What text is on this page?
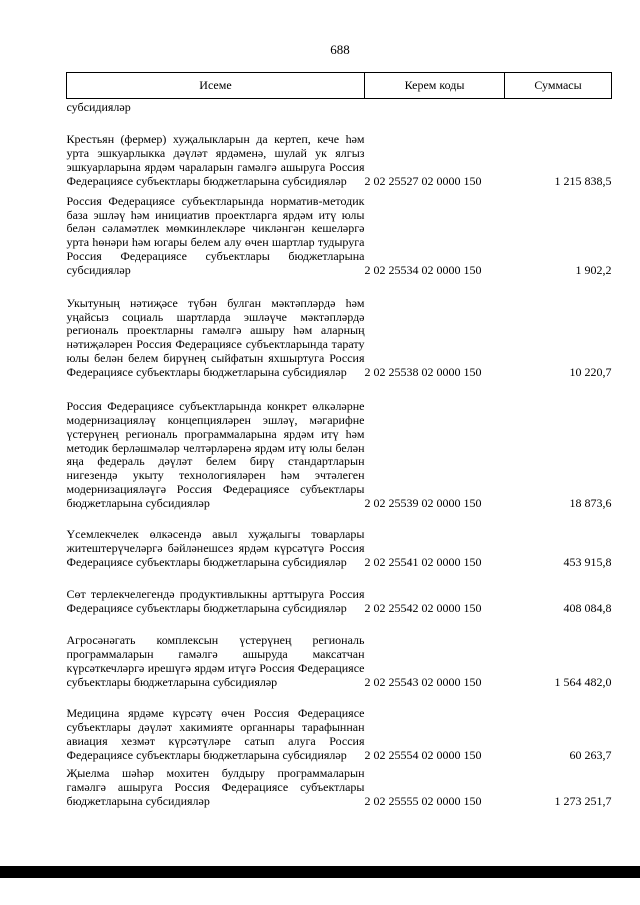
688
Исеме	Керем коды	Суммасы
субсидияләр		
Крестьян (фермер) хуҗалыкларын да кертеп, кече һәм урта эшкуарлыкка дәүләт ярдәменә, шулай ук ялгыз эшкуарларына ярдәм чараларын гамәлгә ашыруга Россия Федерациясе субъектлары бюджетларына субсидияләр	2 02 25527 02 0000 150	1 215 838,5
Россия Федерациясе субъектларында норматив-методик база эшләү һәм инициатив проектларга ярдәм итү юлы белән сәламәтлек мөмкинлекләре чикләнгән кешеләргә урта һөнәри һәм югары белем алу өчен шартлар тудыруга Россия Федерациясе субъектлары бюджетларына субсидияләр	2 02 25534 02 0000 150	1 902,2
Укытуның нәтиҗәсе түбән булган мәктәпләрдә һәм уңайсыз социаль шартларда эшләүче мәктәпләрдә региональ проектларны гамәлгә ашыру һәм аларның нәтиҗәләрен Россия Федерациясе субъектларында тарату юлы белән белем бирүнең сыйфатын яхшыртуга Россия Федерациясе субъектлары бюджетларына субсидияләр	2 02 25538 02 0000 150	10 220,7
Россия Федерациясе субъектларында конкрет өлкәләрне модернизацияләү концепцияләрен эшләү, мәгарифне үстерүнең региональ программаларына ярдәм итү һәм методик берләшмәләр челтәрләренә ярдәм итү юлы белән яңа федераль дәүләт белем бирү стандартларын нигезендә укыту технологияләрен һәм эчтәлеген модернизацияләүгә Россия Федерациясе субъектлары бюджетларына субсидияләр	2 02 25539 02 0000 150	18 873,6
Үсемлекчелек өлкәсендә авыл хуҗалыгы товарлары житештерүчеләргә бәйләнешсез ярдәм күрсәтүгә Россия Федерациясе субъектлары бюджетларына субсидияләр	2 02 25541 02 0000 150	453 915,8
Сөт терлекчелегендә продуктивлыкны арттыруга Россия Федерациясе субъектлары бюджетларына субсидияләр	2 02 25542 02 0000 150	408 084,8
Агросәнәгать комплексын үстерүнең региональ программаларын гамәлгә ашыруда максатчан күрсәткечләргә ирешүгә ярдәм итүгә Россия Федерациясе субъектлары бюджетларына субсидияләр	2 02 25543 02 0000 150	1 564 482,0
Медицина ярдәме күрсәтү өчен Россия Федерациясе субъектлары дәүләт хакимияте органнары тарафыннан авиация хезмәт күрсәтүләре сатып алуга Россия Федерациясе субъектлары бюджетларына субсидияләр	2 02 25554 02 0000 150	60 263,7
Җыелма шәһәр мохитен булдыру программаларын гамәлгә ашыруга Россия Федерациясе субъектлары бюджетларына субсидияләр	2 02 25555 02 0000 150	1 273 251,7
